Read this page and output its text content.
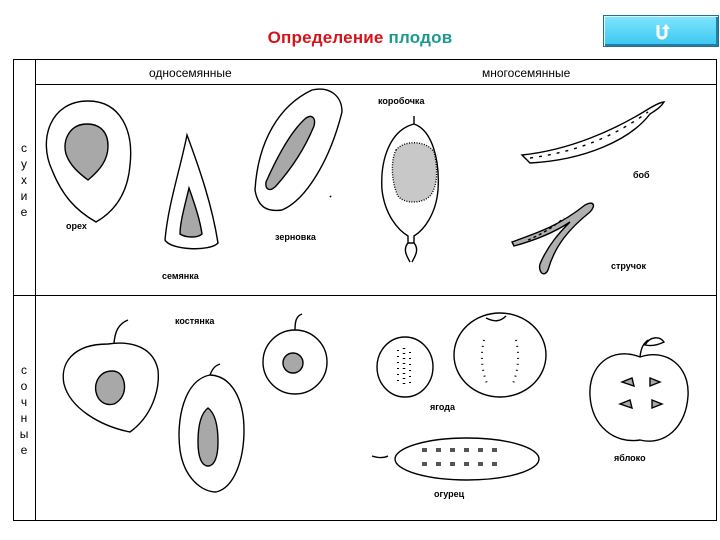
Определение плодов
односемянные	многосемянные
с
у
х
и
е
с
о
ч
н
ы
е
орех
семянка
зерновка
коробочка
боб
стручок
костянка
ягода
огурец
яблоко
